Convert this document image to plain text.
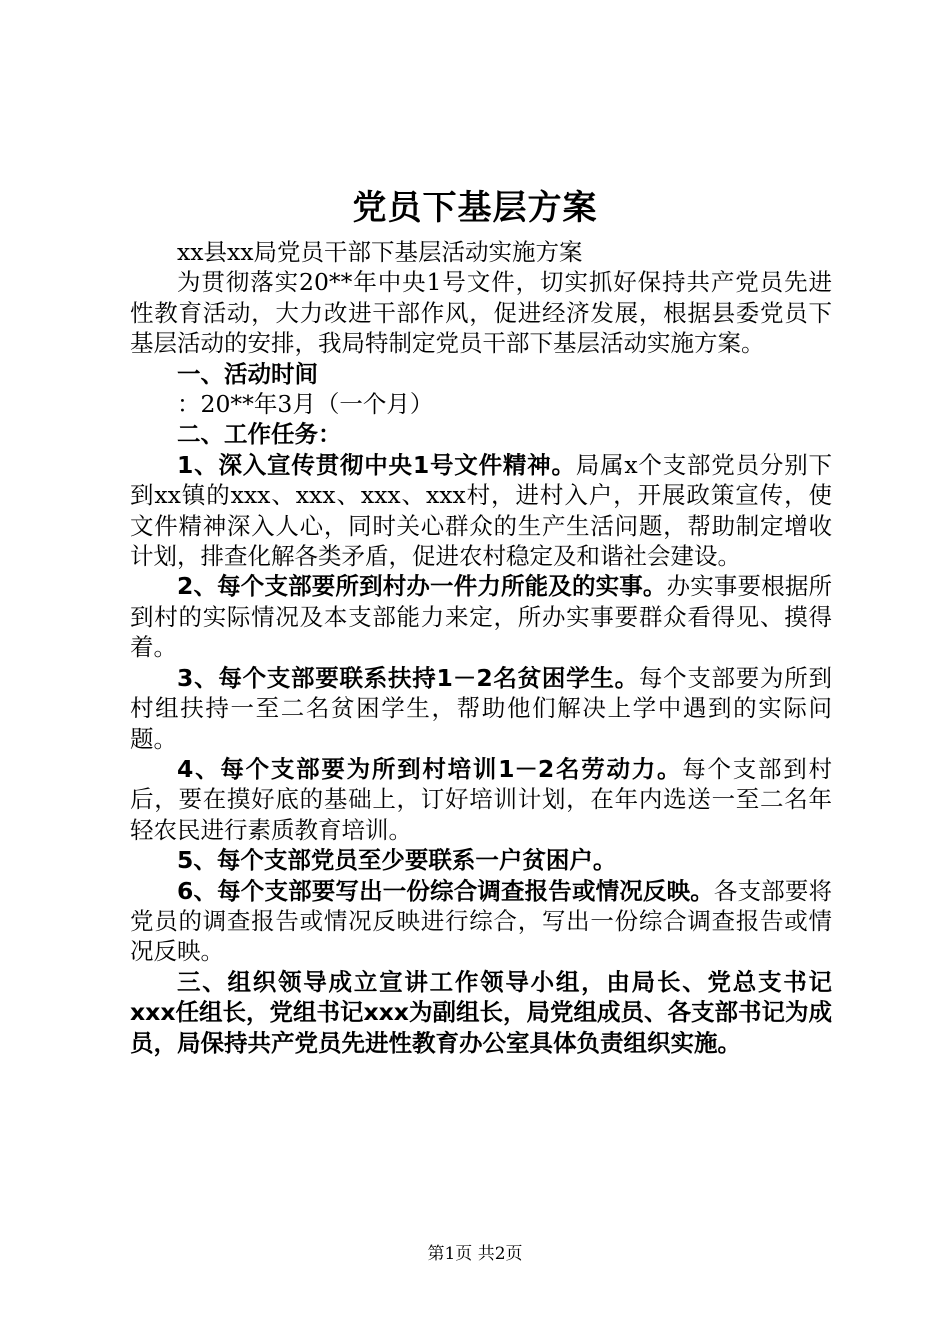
党员下基层方案

xx县xx局党员干部下基层活动实施方案

为贯彻落实20**年中央1号文件，切实抓好保持共产党员先进性教育活动，大力改进干部作风，促进经济发展，根据县委党员下基层活动的安排，我局特制定党员干部下基层活动实施方案。

一、活动时间

：20**年3月（一个月）

二、工作任务：

1、深入宣传贯彻中央1号文件精神。局属x个支部党员分别下到xx镇的xxx、xxx、xxx、xxx村，进村入户，开展政策宣传，使文件精神深入人心，同时关心群众的生产生活问题，帮助制定增收计划，排查化解各类矛盾，促进农村稳定及和谐社会建设。

2、每个支部要所到村办一件力所能及的实事。办实事要根据所到村的实际情况及本支部能力来定，所办实事要群众看得见、摸得着。

3、每个支部要联系扶持1－2名贫困学生。每个支部要为所到村组扶持一至二名贫困学生，帮助他们解决上学中遇到的实际问题。

4、每个支部要为所到村培训1－2名劳动力。每个支部到村后，要在摸好底的基础上，订好培训计划，在年内选送一至二名年轻农民进行素质教育培训。

5、每个支部党员至少要联系一户贫困户。

6、每个支部要写出一份综合调查报告或情况反映。各支部要将党员的调查报告或情况反映进行综合，写出一份综合调查报告或情况反映。

三、组织领导成立宣讲工作领导小组，由局长、党总支书记xxx任组长，党组书记xxx为副组长，局党组成员、各支部书记为成员，局保持共产党员先进性教育办公室具体负责组织实施。

第1页 共2页
